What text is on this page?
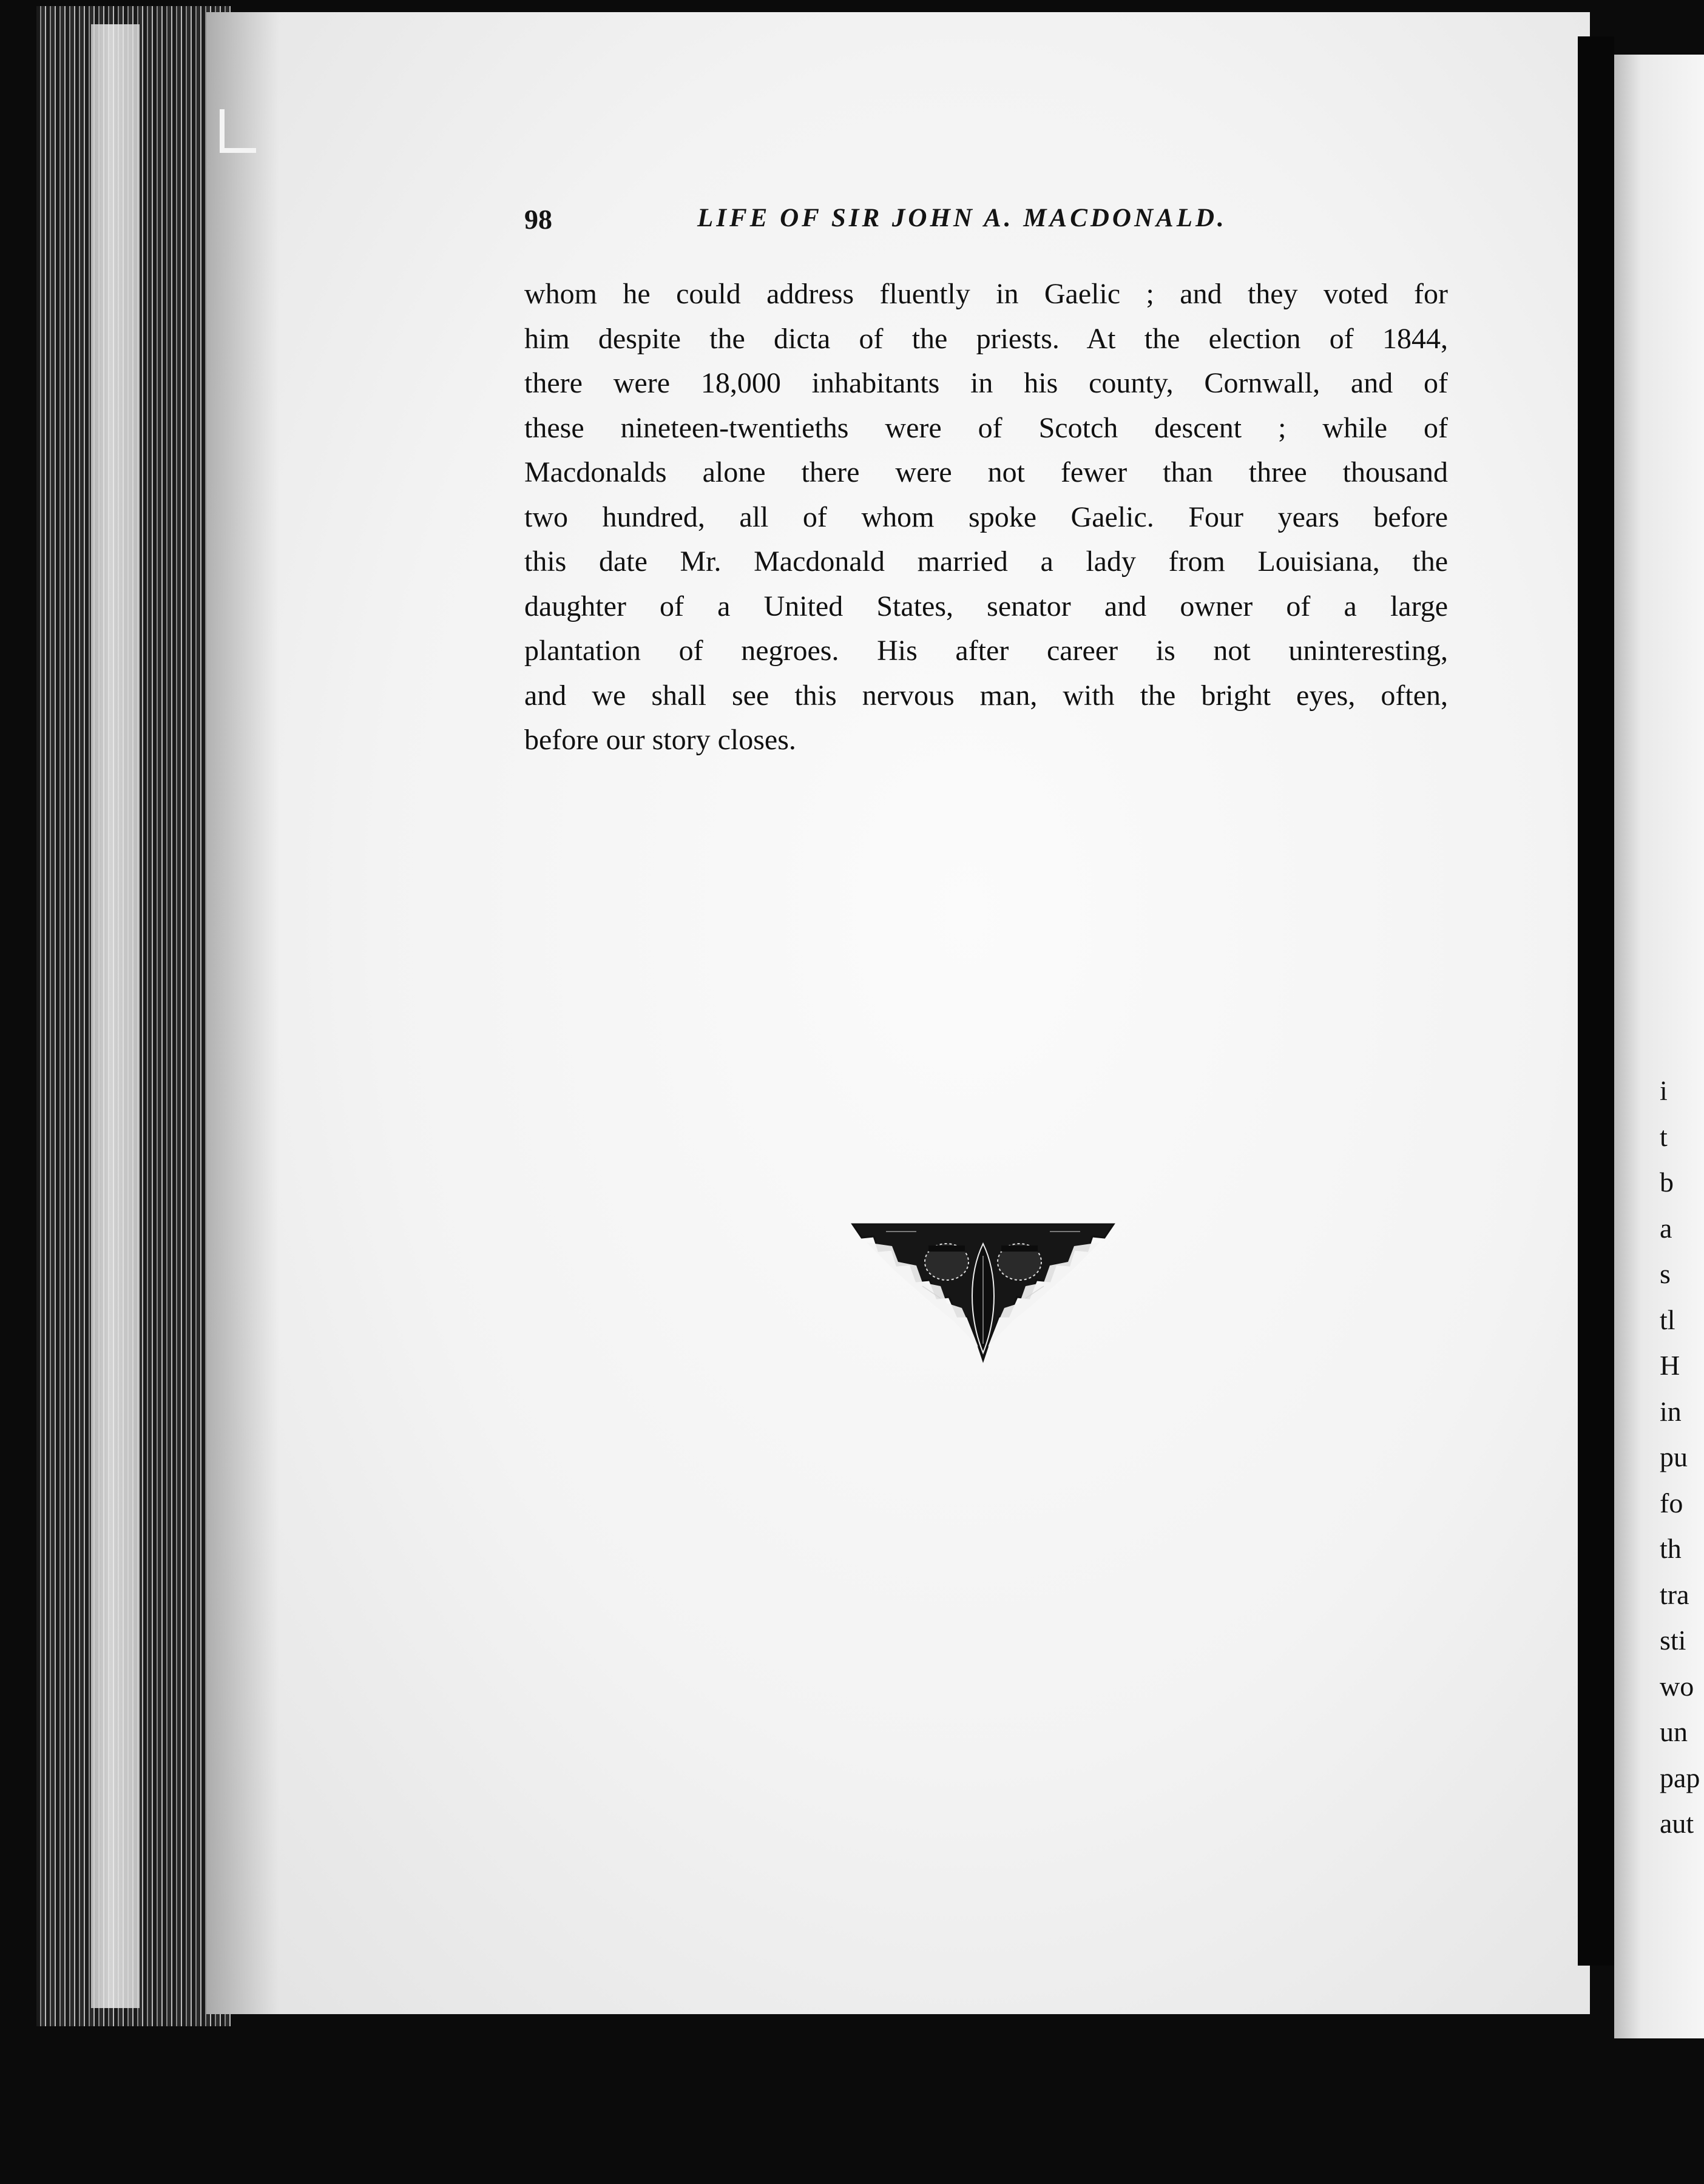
98	LIFE OF SIR JOHN A. MACDONALD.
whom he could address fluently in Gaelic ; and they voted for
him despite the dicta of the priests. At the election of 1844,
there were 18,000 inhabitants in his county, Cornwall, and of
these nineteen-twentieths were of Scotch descent ; while of
Macdonalds alone there were not fewer than three thousand
two hundred, all of whom spoke Gaelic. Four years before
this date Mr. Macdonald married a lady from Louisiana, the
daughter of a United States, senator and owner of a large
plantation of negroes. His after career is not uninteresting,
and we shall see this nervous man, with the bright eyes, often,
before our story closes.
i
t
b
a
s
tl
H
in
pu
fo
th
tra
sti
wo
un
pap
aut
